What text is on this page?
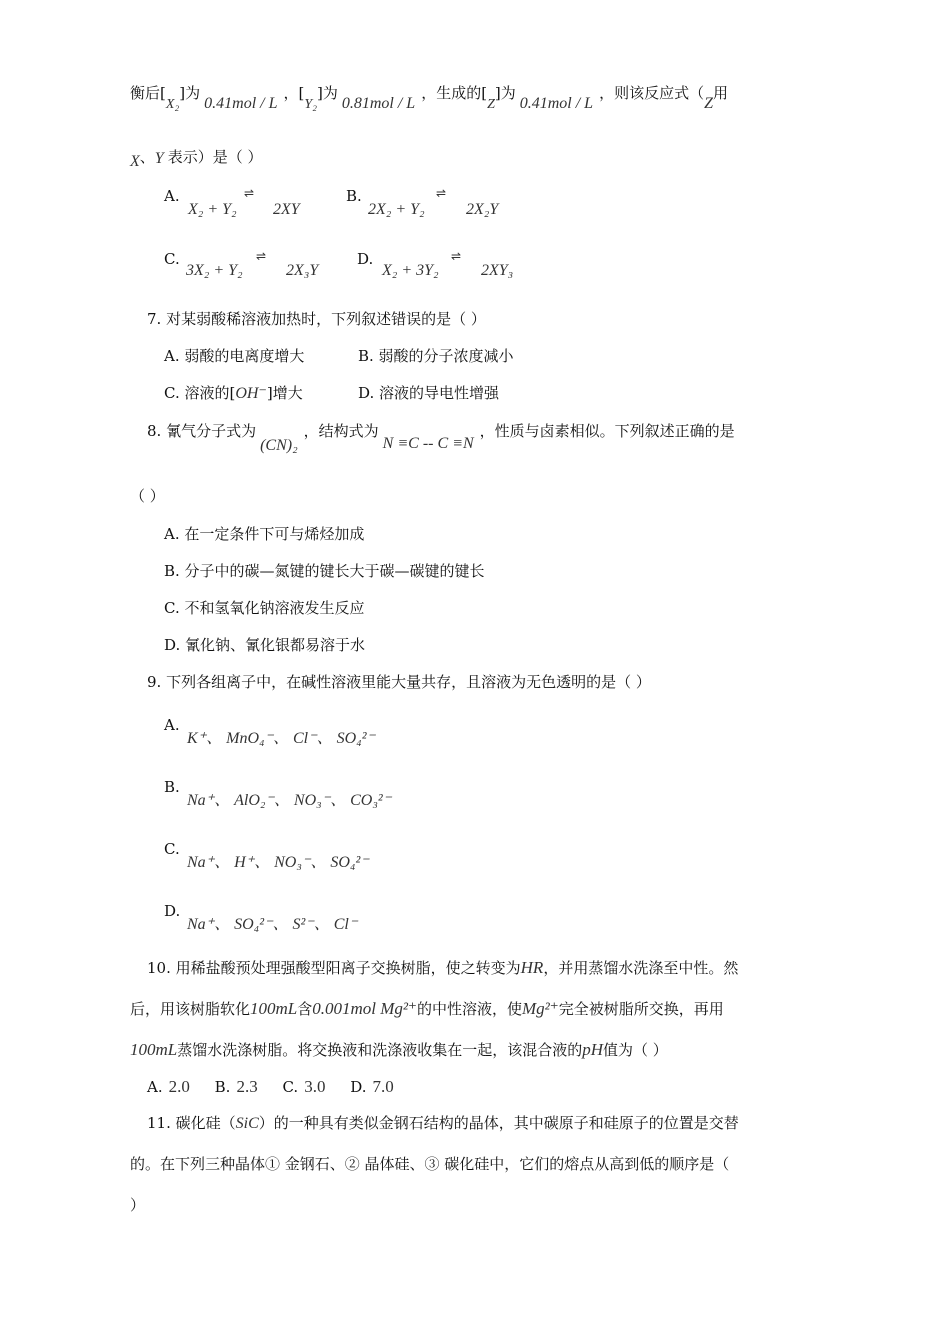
衡后[X₂]为0.41mol / L，[Y₂]为0.81mol / L，生成的[Z]为0.41mol / L，则该反应式（Z用
X、Y 表示）是（ ）
A.
X₂ + Y₂
⇌
2XY
B.
2X₂ + Y₂
⇌
2X₂Y
C.
3X₂ + Y₂
⇌
2X₃Y
D.
X₂ + 3Y₂
⇌
2XY₃
7. 对某弱酸稀溶液加热时，下列叙述错误的是（ ）
A. 弱酸的电离度增大	B. 弱酸的分子浓度减小
C. 溶液的[OH⁻]增大	D. 溶液的导电性增强
8. 氰气分子式为(CN)₂，结构式为N ≡C -- C ≡N，性质与卤素相似。下列叙述正确的是
（ ）
A. 在一定条件下可与烯烃加成
B. 分子中的碳—氮键的键长大于碳—碳键的键长
C. 不和氢氧化钠溶液发生反应
D. 氰化钠、氰化银都易溶于水
9. 下列各组离子中，在碱性溶液里能大量共存，且溶液为无色透明的是（ ）
A.
K⁺、 MnO₄⁻、 Cl⁻、 SO₄²⁻
B.
Na⁺、 AlO₂⁻、 NO₃⁻、 CO₃²⁻
C.
Na⁺、 H⁺、 NO₃⁻、 SO₄²⁻
D.
Na⁺、 SO₄²⁻、 S²⁻、 Cl⁻
10. 用稀盐酸预处理强酸型阳离子交换树脂，使之转变为HR，并用蒸馏水洗涤至中性。然
后，用该树脂软化100mL含0.001mol Mg²⁺的中性溶液，使Mg²⁺完全被树脂所交换，再用
100mL蒸馏水洗涤树脂。将交换液和洗涤液收集在一起，该混合液的pH值为（ ）
A. 2.0 B. 2.3 C. 3.0 D. 7.0
11. 碳化硅（SiC）的一种具有类似金钢石结构的晶体，其中碳原子和硅原子的位置是交替
的。在下列三种晶体① 金钢石、② 晶体硅、③ 碳化硅中，它们的熔点从高到低的顺序是（
）
